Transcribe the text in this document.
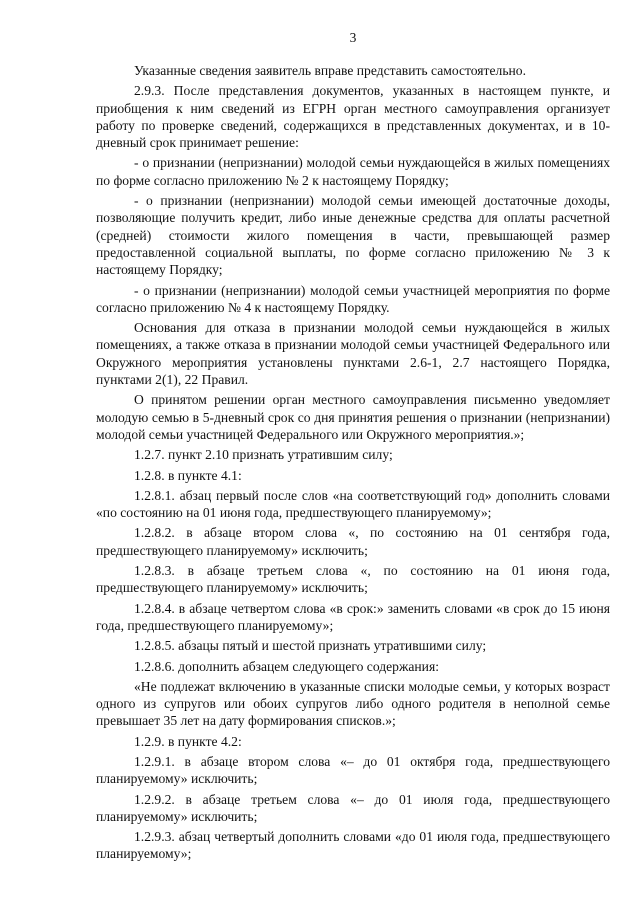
3

Указанные сведения заявитель вправе представить самостоятельно.

2.9.3. После представления документов, указанных в настоящем пункте, и приобщения к ним сведений из ЕГРН орган местного самоуправления организует работу по проверке сведений, содержащихся в представленных документах, и в 10-дневный срок принимает решение:

- о признании (непризнании) молодой семьи нуждающейся в жилых помещениях по форме согласно приложению № 2 к настоящему Порядку;

- о признании (непризнании) молодой семьи имеющей достаточные доходы, позволяющие получить кредит, либо иные денежные средства для оплаты расчетной (средней) стоимости жилого помещения в части, превышающей размер предоставленной социальной выплаты, по форме согласно приложению № 3 к настоящему Порядку;

- о признании (непризнании) молодой семьи участницей мероприятия по форме согласно приложению № 4 к настоящему Порядку.

Основания для отказа в признании молодой семьи нуждающейся в жилых помещениях, а также отказа в признании молодой семьи участницей Федерального или Окружного мероприятия установлены пунктами 2.6-1, 2.7 настоящего Порядка, пунктами 2(1), 22 Правил.

О принятом решении орган местного самоуправления письменно уведомляет молодую семью в 5-дневный срок со дня принятия решения о признании (непризнании) молодой семьи участницей Федерального или Окружного мероприятия.»;

1.2.7. пункт 2.10 признать утратившим силу;

1.2.8. в пункте 4.1:

1.2.8.1. абзац первый после слов «на соответствующий год» дополнить словами «по состоянию на 01 июня года, предшествующего планируемому»;

1.2.8.2. в абзаце втором слова «, по состоянию на 01 сентября года, предшествующего планируемому» исключить;

1.2.8.3. в абзаце третьем слова «, по состоянию на 01 июня года, предшествующего планируемому» исключить;

1.2.8.4. в абзаце четвертом слова «в срок:» заменить словами «в срок до 15 июня года, предшествующего планируемому»;

1.2.8.5. абзацы пятый и шестой признать утратившими силу;

1.2.8.6. дополнить абзацем следующего содержания:

«Не подлежат включению в указанные списки молодые семьи, у которых возраст одного из супругов или обоих супругов либо одного родителя в неполной семье превышает 35 лет на дату формирования списков.»;

1.2.9. в пункте 4.2:

1.2.9.1. в абзаце втором слова «– до 01 октября года, предшествующего планируемому» исключить;

1.2.9.2. в абзаце третьем слова «– до 01 июля года, предшествующего планируемому» исключить;

1.2.9.3. абзац четвертый дополнить словами «до 01 июля года, предшествующего планируемому»;
